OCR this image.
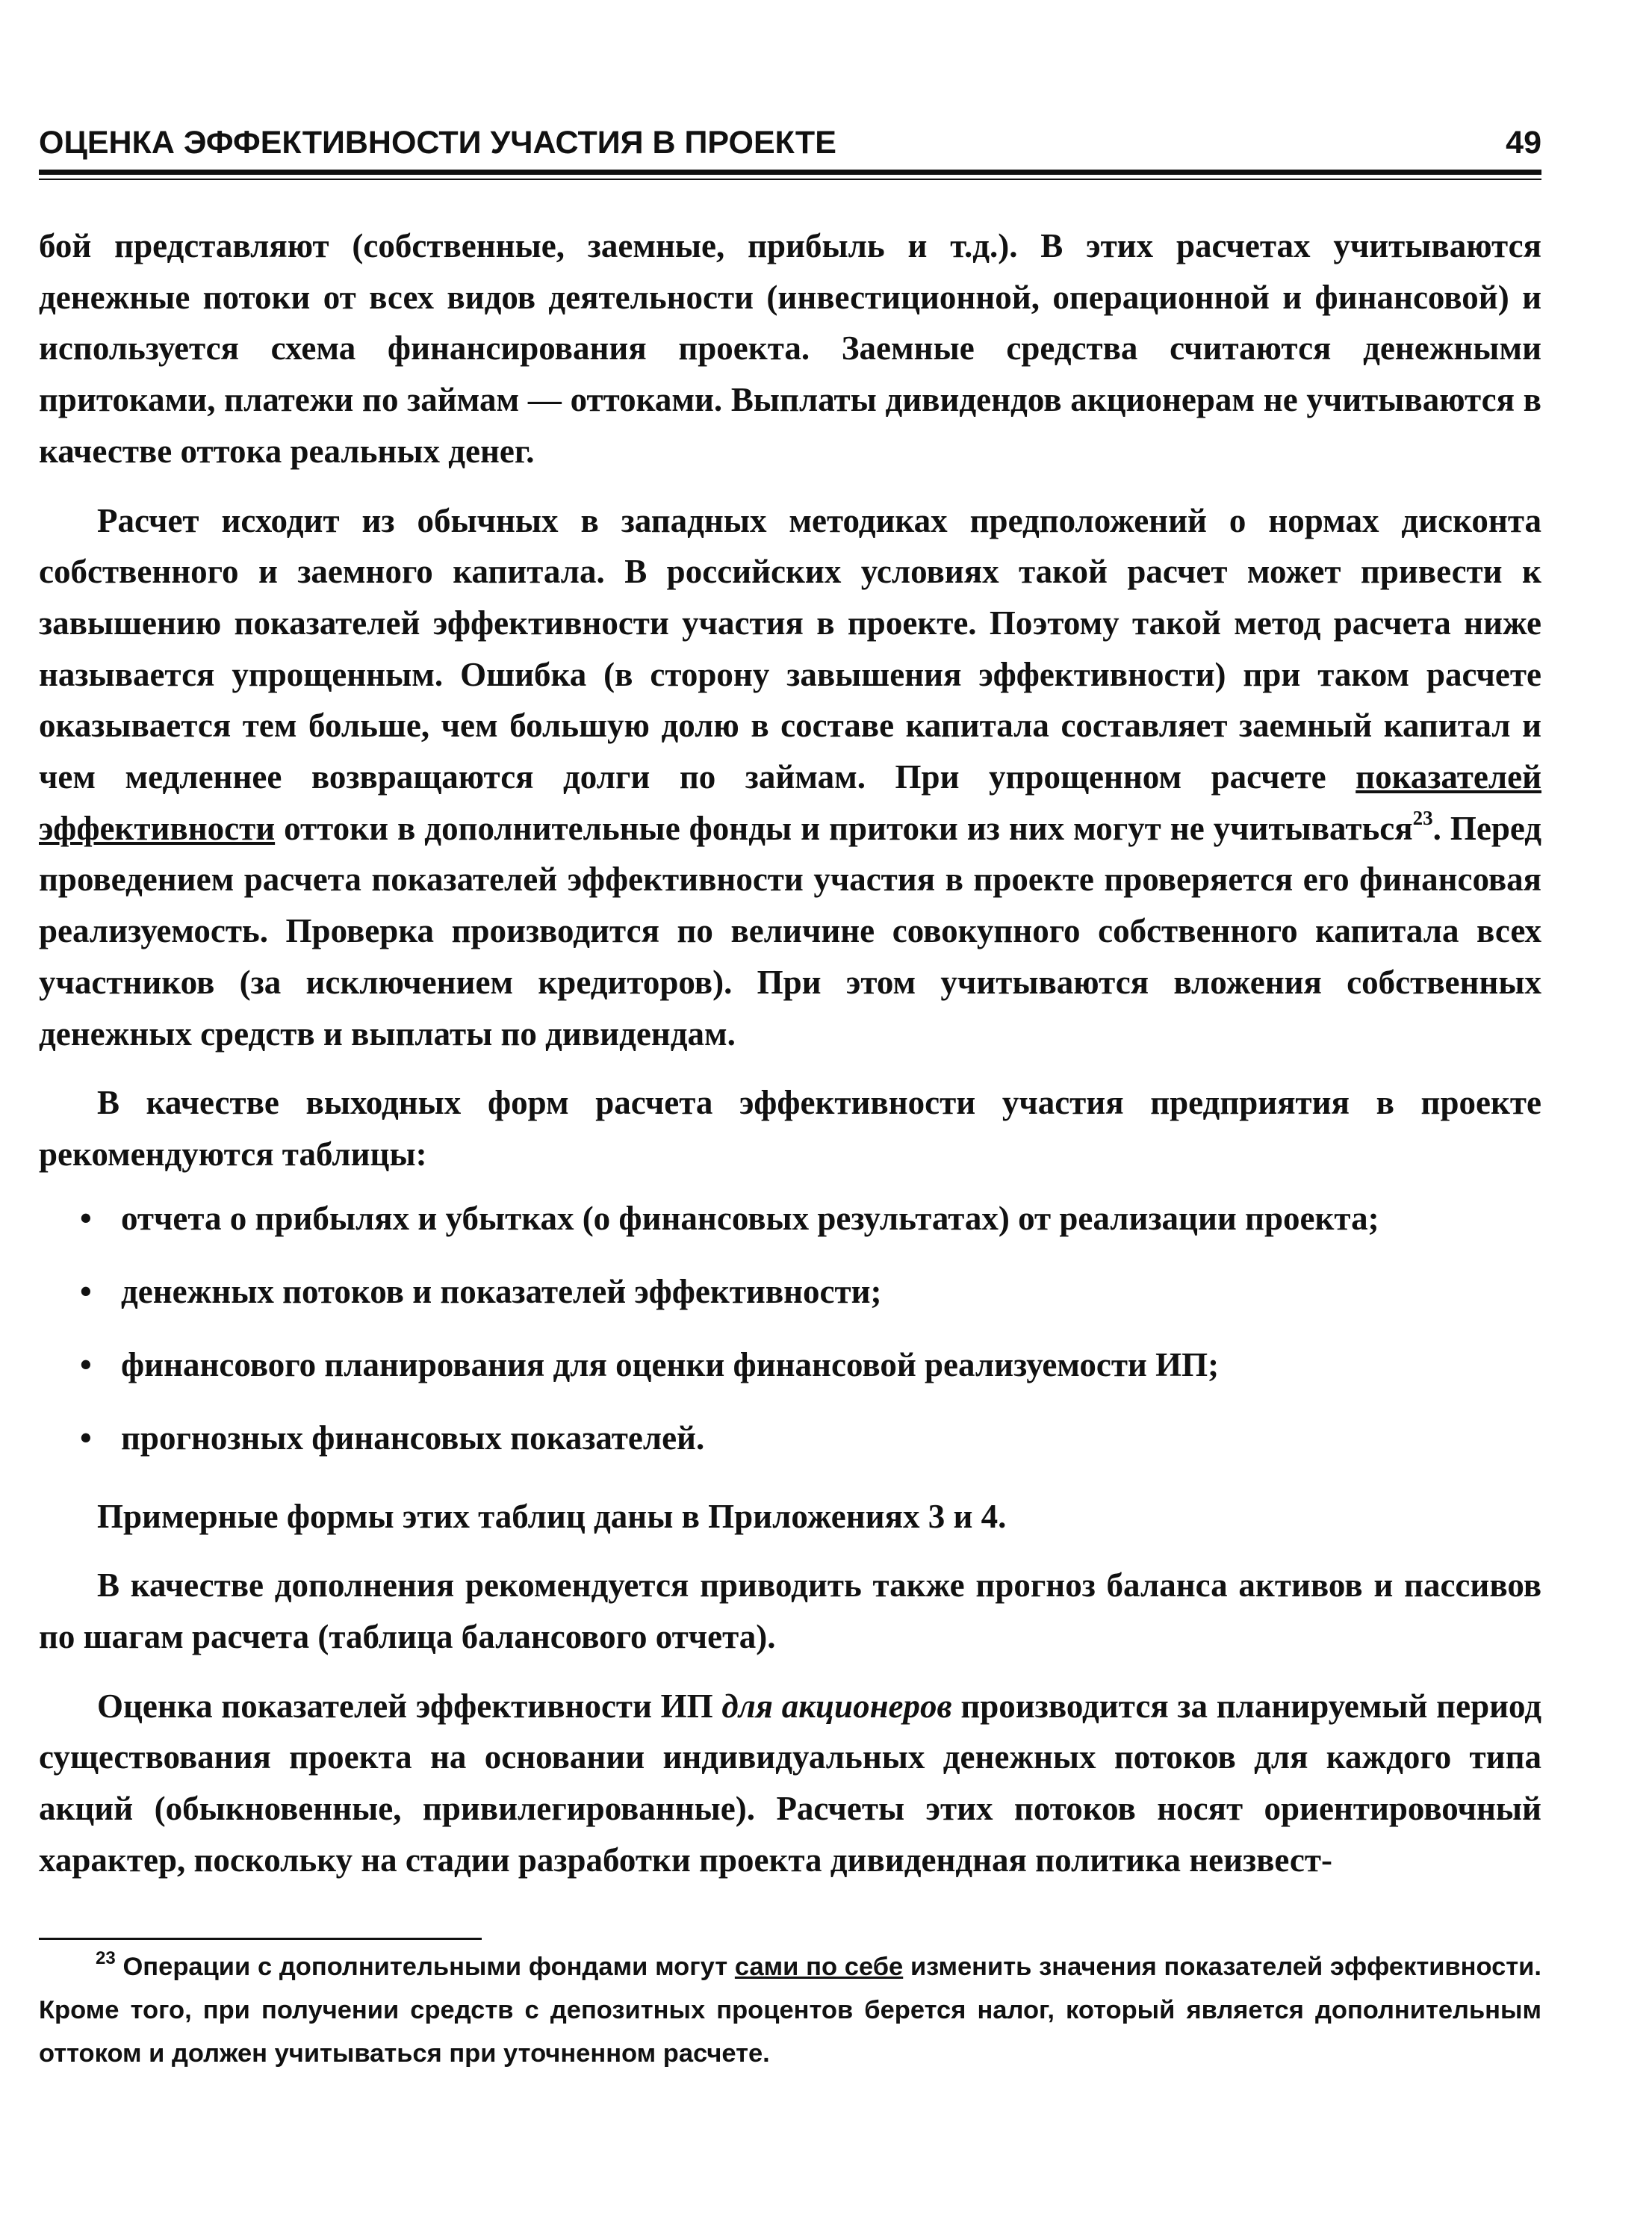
ОЦЕНКА ЭФФЕКТИВНОСТИ УЧАСТИЯ В ПРОЕКТЕ	49

бой представляют (собственные, заемные, прибыль и т.д.). В этих расчетах учитываются денежные потоки от всех видов деятельности (инвестиционной, операционной и финансовой) и используется схема финансирования проекта. Заемные средства считаются денежными притоками, платежи по займам — оттоками. Выплаты дивидендов акционерам не учитываются в качестве оттока реальных денег.

Расчет исходит из обычных в западных методиках предположений о нормах дисконта собственного и заемного капитала. В российских условиях такой расчет может привести к завышению показателей эффективности участия в проекте. Поэтому такой метод расчета ниже называется упрощенным. Ошибка (в сторону завышения эффективности) при таком расчете оказывается тем больше, чем большую долю в составе капитала составляет заемный капитал и чем медленнее возвращаются долги по займам. При упрощенном расчете показателей эффективности оттоки в дополнительные фонды и притоки из них могут не учитываться$^{23}$. Перед проведением расчета показателей эффективности участия в проекте проверяется его финансовая реализуемость. Проверка производится по величине совокупного собственного капитала всех участников (за исключением кредиторов). При этом учитываются вложения собственных денежных средств и выплаты по дивидендам.

В качестве выходных форм расчета эффективности участия предприятия в проекте рекомендуются таблицы:

• отчета о прибылях и убытках (о финансовых результатах) от реализации проекта;
• денежных потоков и показателей эффективности;
• финансового планирования для оценки финансовой реализуемости ИП;
• прогнозных финансовых показателей.

Примерные формы этих таблиц даны в Приложениях 3 и 4.

В качестве дополнения рекомендуется приводить также прогноз баланса активов и пассивов по шагам расчета (таблица балансового отчета).

Оценка показателей эффективности ИП для акционеров производится за планируемый период существования проекта на основании индивидуальных денежных потоков для каждого типа акций (обыкновенные, привилегированные). Расчеты этих потоков носят ориентировочный характер, поскольку на стадии разработки проекта дивидендная политика неизвест-

$^{23}$ Операции с дополнительными фондами могут сами по себе изменить значения показателей эффективности. Кроме того, при получении средств с депозитных процентов берется налог, который является дополнительным оттоком и должен учитываться при уточненном расчете.
